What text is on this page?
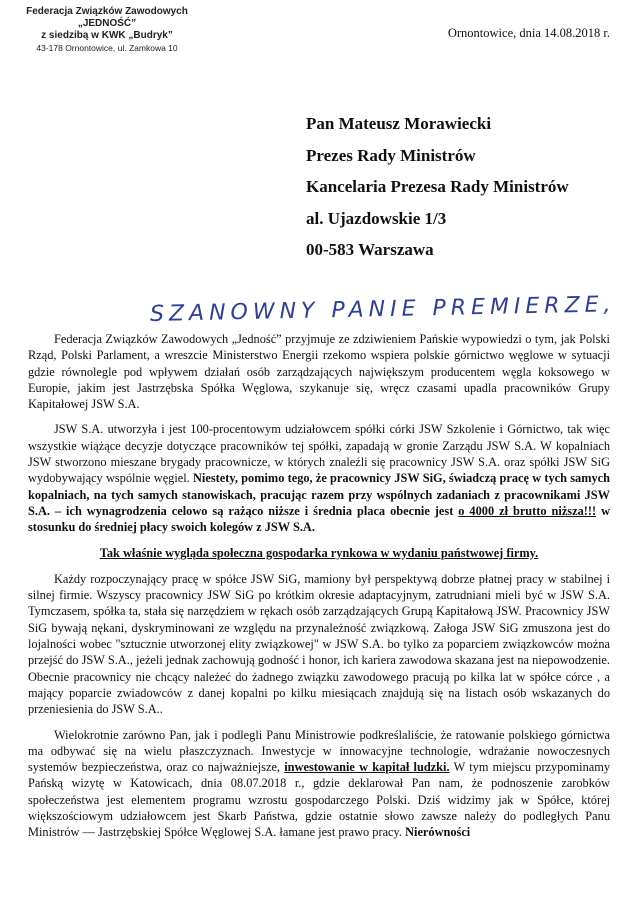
Federacja Związków Zawodowych
„JEDNOŚĆ”
z siedzibą w KWK „Budryk”
43-178 Ornontowice, ul. Zamkowa 10
Ornontowice, dnia 14.08.2018 r.
Pan Mateusz Morawiecki
Prezes Rady Ministrów
Kancelaria Prezesa Rady Ministrów
al. Ujazdowskie 1/3
00-583 Warszawa
SZANOWNY PANIE PREMIERZE,

Federacja Związków Zawodowych „Jedność” przyjmuje ze zdziwieniem Pańskie wypowiedzi o tym, jak Polski Rząd, Polski Parlament, a wreszcie Ministerstwo Energii rzekomo wspiera polskie górnictwo węglowe w sytuacji gdzie równolegle pod wpływem działań osób zarządzających największym producentem węgla koksowego w Europie, jakim jest Jastrzębska Spółka Węglowa, szykanuje się, wręcz czasami upadla pracowników Grupy Kapitałowej JSW S.A.

JSW S.A. utworzyła i jest 100-procentowym udziałowcem spółki córki JSW Szkolenie i Górnictwo, tak więc wszystkie wiążące decyzje dotyczące pracowników tej spółki, zapadają w gronie Zarządu JSW S.A. W kopalniach JSW stworzono mieszane brygady pracownicze, w których znaleźli się pracownicy JSW S.A. oraz spółki JSW SiG wydobywający wspólnie węgiel. Niestety, pomimo tego, że pracownicy JSW SiG, świadczą pracę w tych samych kopalniach, na tych samych stanowiskach, pracując razem przy wspólnych zadaniach z pracownikami JSW S.A. – ich wynagrodzenia celowo są rażąco niższe i średnia placa obecnie jest o 4000 zł brutto niższa!!! w stosunku do średniej płacy swoich kolegów z JSW S.A.

Tak właśnie wygląda społeczna gospodarka rynkowa w wydaniu państwowej firmy.

Każdy rozpoczynający pracę w spółce JSW SiG, mamiony był perspektywą dobrze płatnej pracy w stabilnej i silnej firmie. Wszyscy pracownicy JSW SiG po krótkim okresie adaptacyjnym, zatrudniani mieli być w JSW S.A. Tymczasem, spółka ta, stała się narzędziem w rękach osób zarządzających Grupą Kapitałową JSW. Pracownicy JSW SiG bywają nękani, dyskryminowani ze względu na przynależność związkową. Załoga JSW SiG zmuszona jest do lojalności wobec "sztucznie utworzonej elity związkowej" w JSW S.A. bo tylko za poparciem związkowców można przejść do JSW S.A., jeżeli jednak zachowują godność i honor, ich kariera zawodowa skazana jest na niepowodzenie. Obecnie pracownicy nie chcący należeć do żadnego związku zawodowego pracują po kilka lat w spółce córce , a mający poparcie zwiadowców z danej kopalni po kilku miesiącach znajdują się na listach osób wskazanych do przeniesienia do JSW S.A..

Wielokrotnie zarówno Pan, jak i podlegli Panu Ministrowie podkreślaliście, że ratowanie polskiego górnictwa ma odbywać się na wielu płaszczyznach. Inwestycje w innowacyjne technologie, wdrażanie nowoczesnych systemów bezpieczeństwa, oraz co najważniejsze, inwestowanie w kapitał ludzki. W tym miejscu przypominamy Pańską wizytę w Katowicach, dnia 08.07.2018 r., gdzie deklarował Pan nam, że podnoszenie zarobków społeczeństwa jest elementem programu wzrostu gospodarczego Polski. Dziś widzimy jak w Spółce, której większościowym udziałowcem jest Skarb Państwa, gdzie ostatnie słowo zawsze należy do podległych Panu Ministrów — Jastrzębskiej Spółce Węglowej S.A. łamane jest prawo pracy. Nierówności
